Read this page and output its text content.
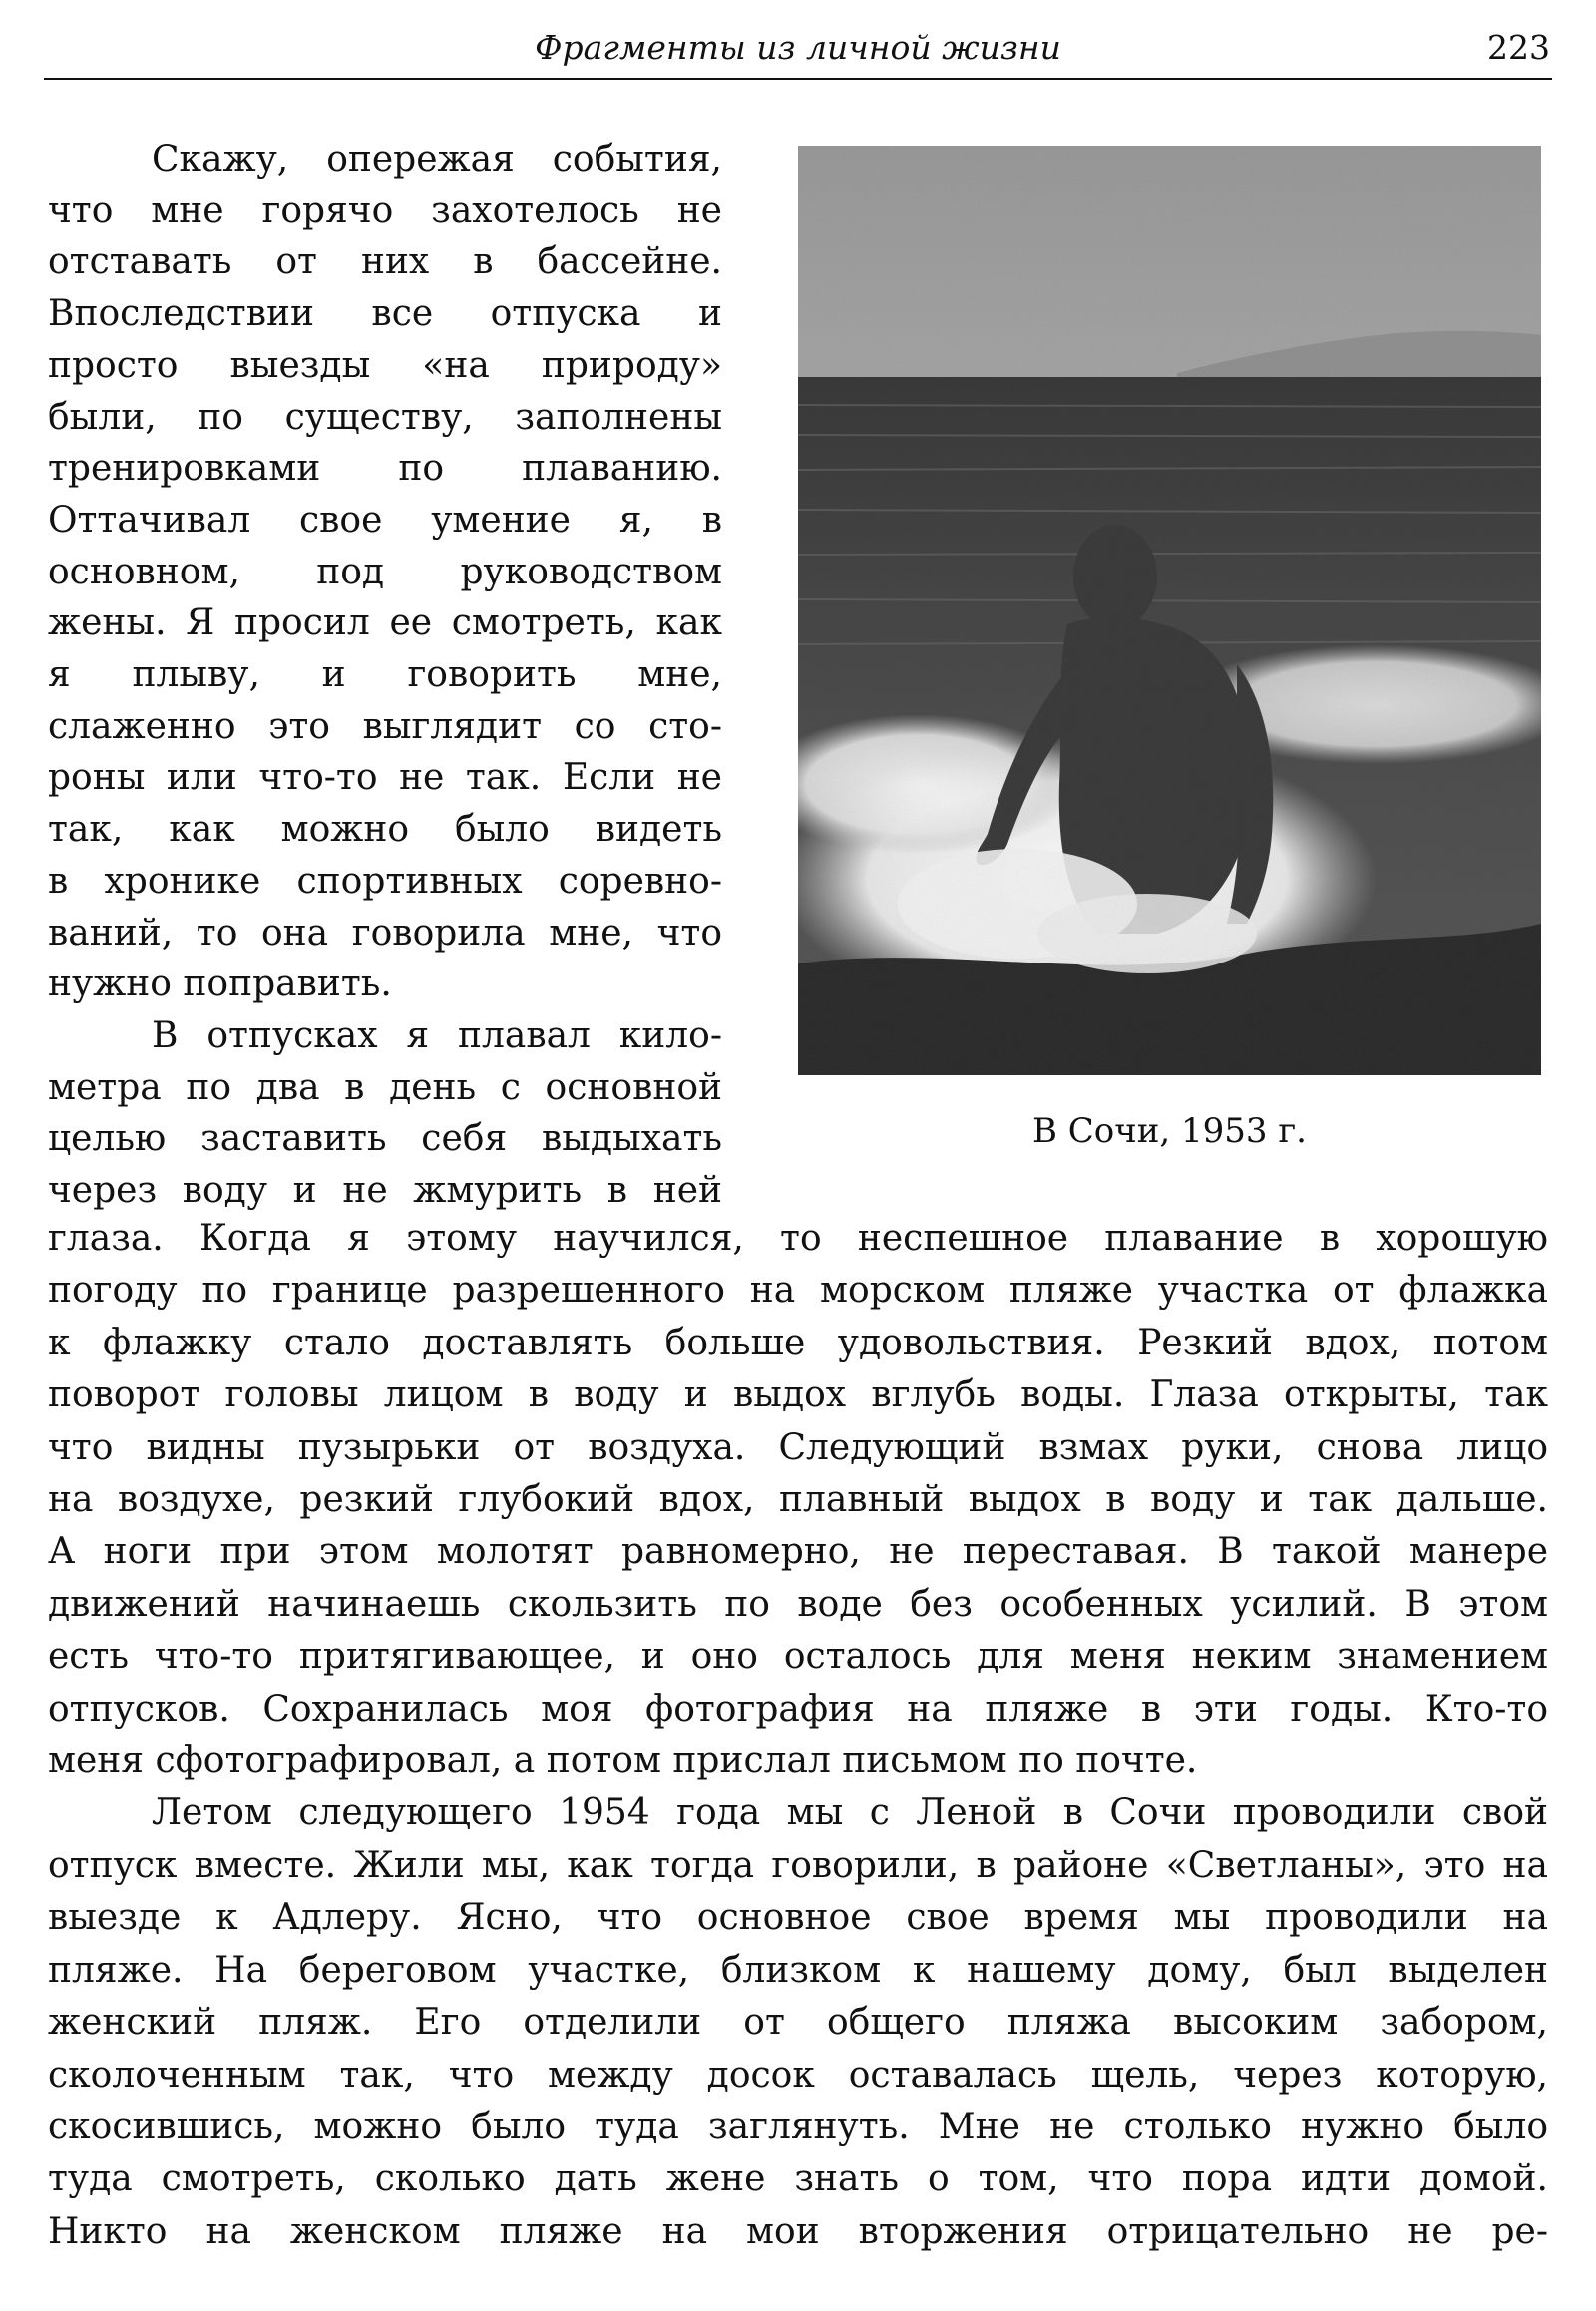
Фрагменты из личной жизни	223
Скажу, опережая события,
что мне горячо захотелось не
отставать от них в бассейне.
Впоследствии все отпуска и
просто выезды «на природу»
были, по существу, заполнены
тренировками по плаванию.
Оттачивал свое умение я, в
основном, под руководством
жены. Я просил ее смотреть, как
я плыву, и говорить мне,
слаженно это выглядит со сто-
роны или что-то не так. Если не
так, как можно было видеть
в хронике спортивных соревно-
ваний, то она говорила мне, что
нужно поправить.
В отпусках я плавал кило-
метра по два в день с основной
целью заставить себя выдыхать
через воду и не жмурить в ней
В Сочи, 1953 г.
глаза. Когда я этому научился, то неспешное плавание в хорошую
погоду по границе разрешенного на морском пляже участка от флажка
к флажку стало доставлять больше удовольствия. Резкий вдох, потом
поворот головы лицом в воду и выдох вглубь воды. Глаза открыты, так
что видны пузырьки от воздуха. Следующий взмах руки, снова лицо
на воздухе, резкий глубокий вдох, плавный выдох в воду и так дальше.
А ноги при этом молотят равномерно, не переставая. В такой манере
движений начинаешь скользить по воде без особенных усилий. В этом
есть что-то притягивающее, и оно осталось для меня неким знамением
отпусков. Сохранилась моя фотография на пляже в эти годы. Кто-то
меня сфотографировал, а потом прислал письмом по почте.
Летом следующего 1954 года мы с Леной в Сочи проводили свой
отпуск вместе. Жили мы, как тогда говорили, в районе «Светланы», это на
выезде к Адлеру. Ясно, что основное свое время мы проводили на
пляже. На береговом участке, близком к нашему дому, был выделен
женский пляж. Его отделили от общего пляжа высоким забором,
сколоченным так, что между досок оставалась щель, через которую,
скосившись, можно было туда заглянуть. Мне не столько нужно было
туда смотреть, сколько дать жене знать о том, что пора идти домой.
Никто на женском пляже на мои вторжения отрицательно не ре-
